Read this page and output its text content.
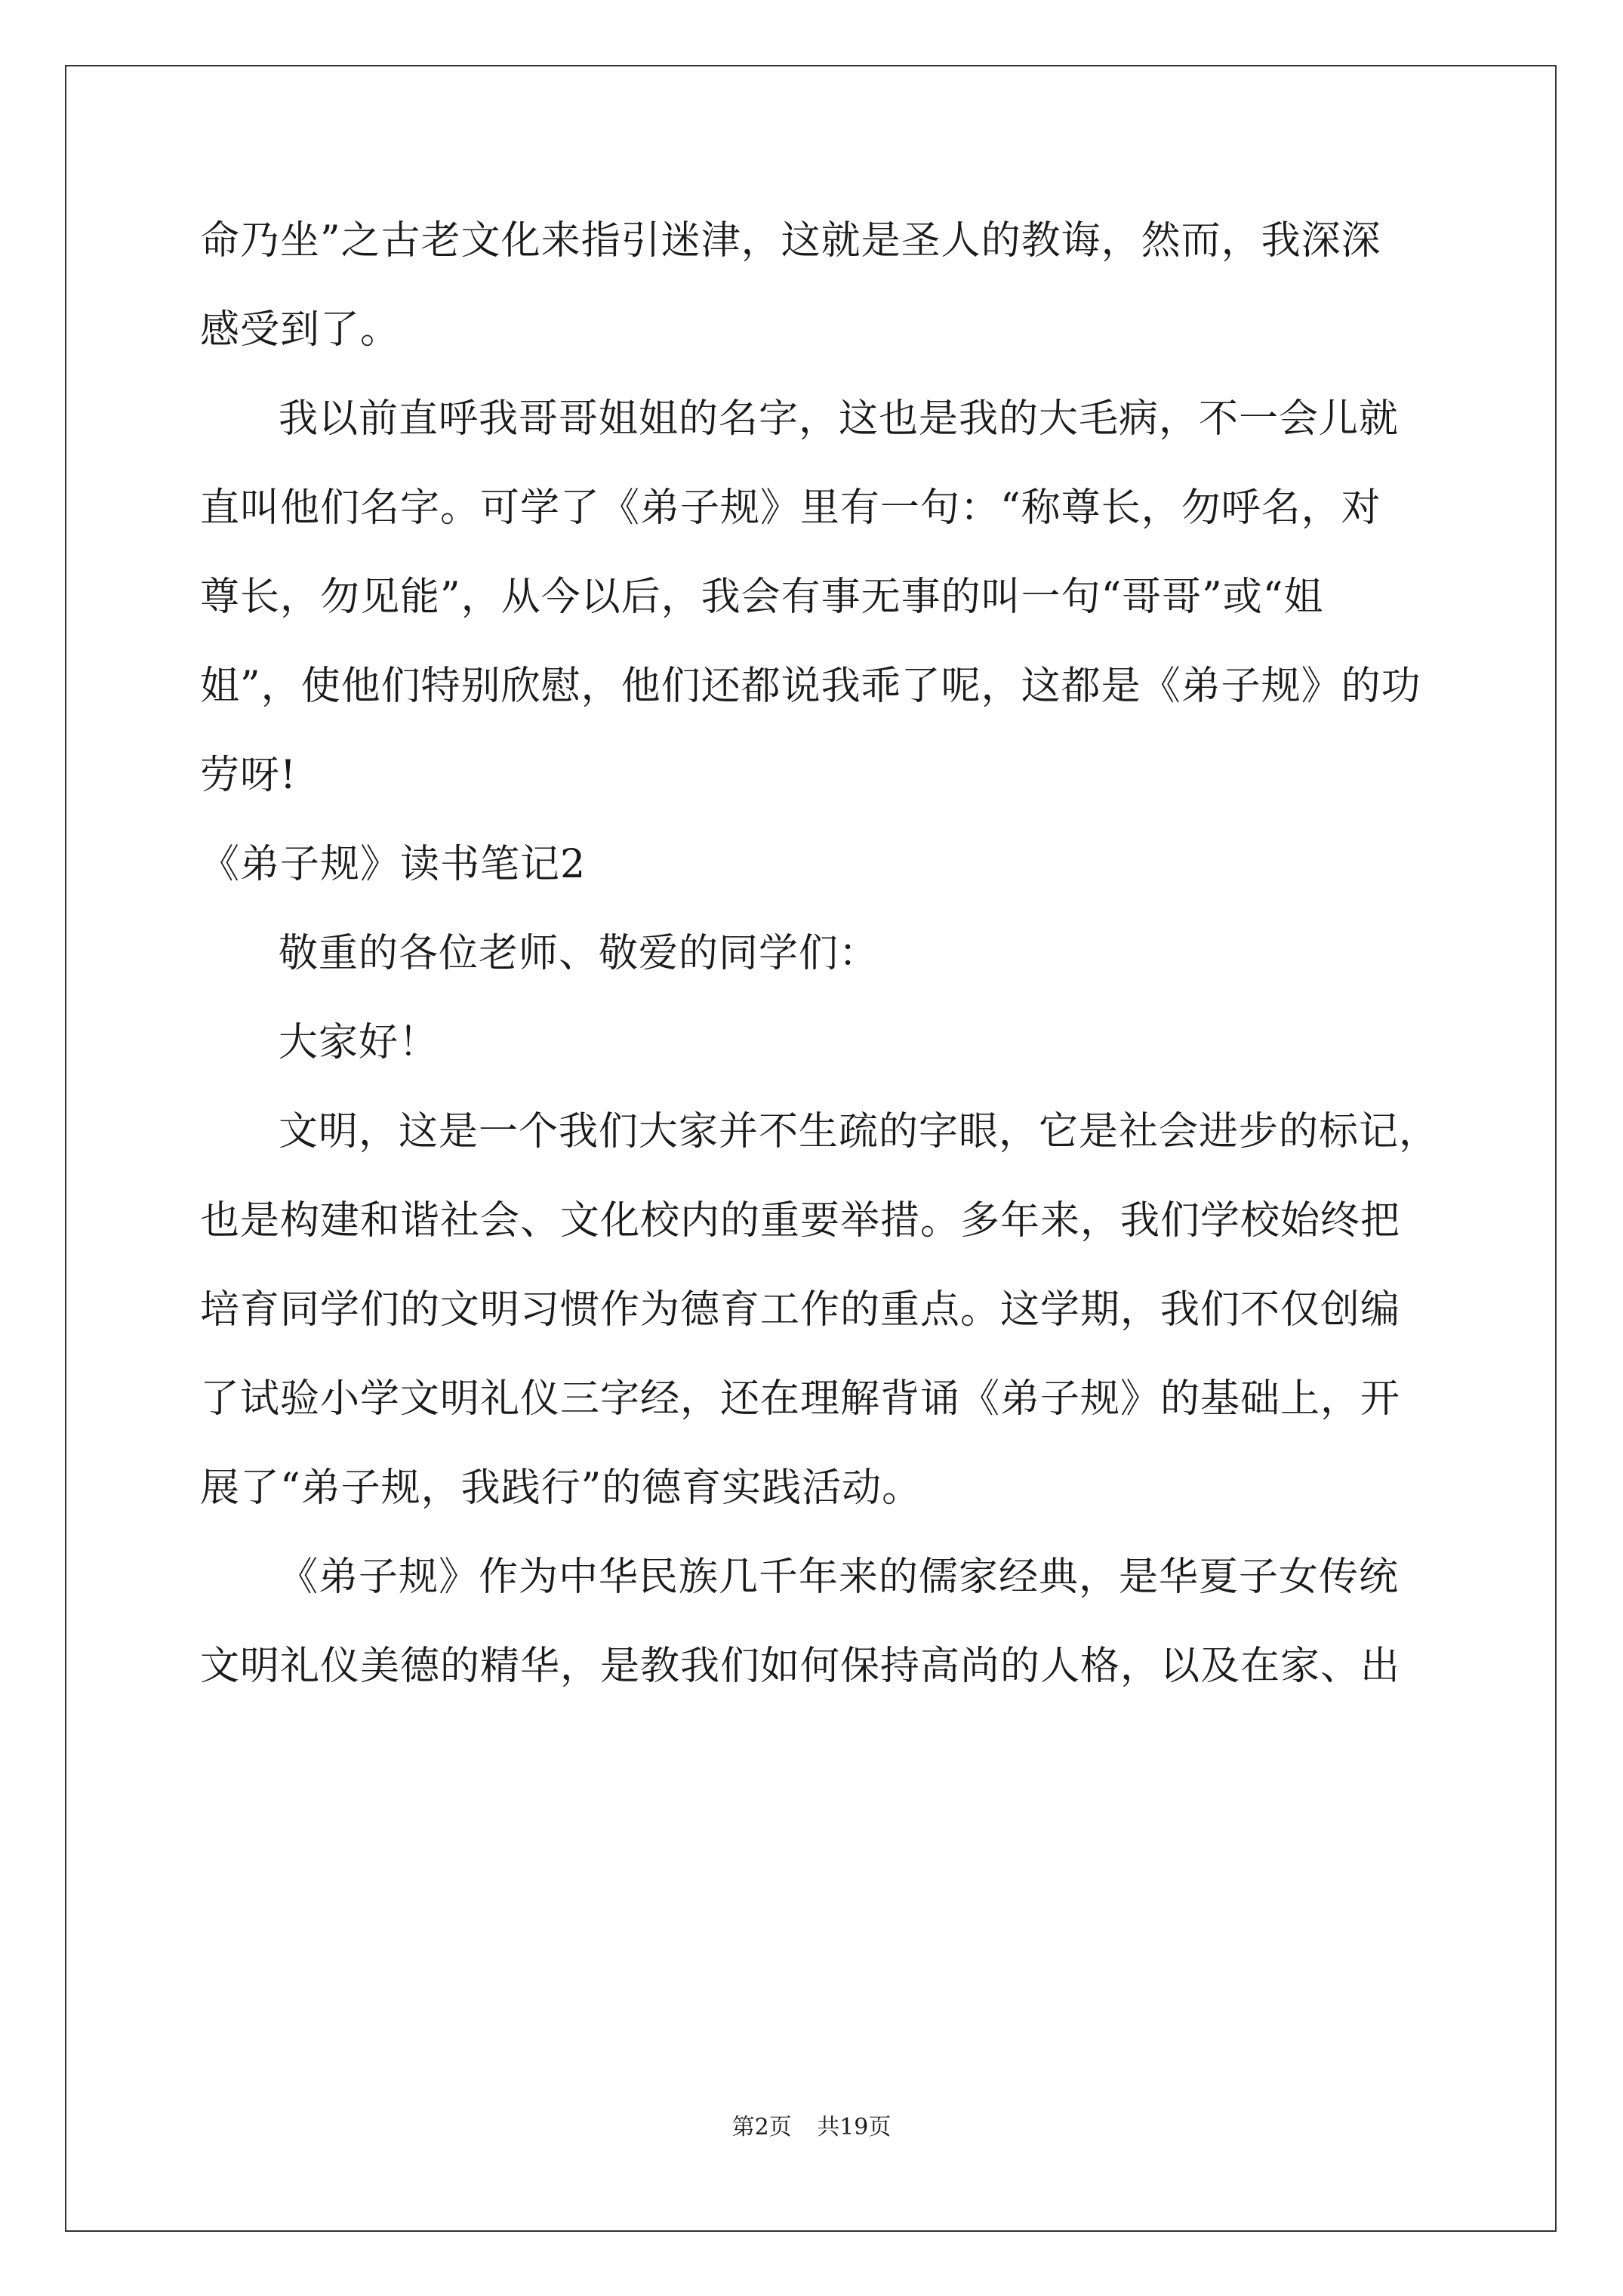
命乃坐”之古老文化来指引迷津，这就是圣人的教诲，然而，我深深
感受到了。
我以前直呼我哥哥姐姐的名字，这也是我的大毛病，不一会儿就
直叫他们名字。可学了《弟子规》里有一句：“称尊长，勿呼名，对
尊长，勿见能”，从今以后，我会有事无事的叫一句“哥哥”或“姐
姐”，使他们特别欣慰，他们还都说我乖了呢，这都是《弟子规》的功
劳呀!
《弟子规》读书笔记2
敬重的各位老师、敬爱的同学们：
大家好！
文明，这是一个我们大家并不生疏的字眼，它是社会进步的标记，
也是构建和谐社会、文化校内的重要举措。多年来，我们学校始终把
培育同学们的文明习惯作为德育工作的重点。这学期，我们不仅创编
了试验小学文明礼仪三字经，还在理解背诵《弟子规》的基础上，开
展了“弟子规，我践行”的德育实践活动。
《弟子规》作为中华民族几千年来的儒家经典，是华夏子女传统
文明礼仪美德的精华，是教我们如何保持高尚的人格，以及在家、出
第2页 共19页
